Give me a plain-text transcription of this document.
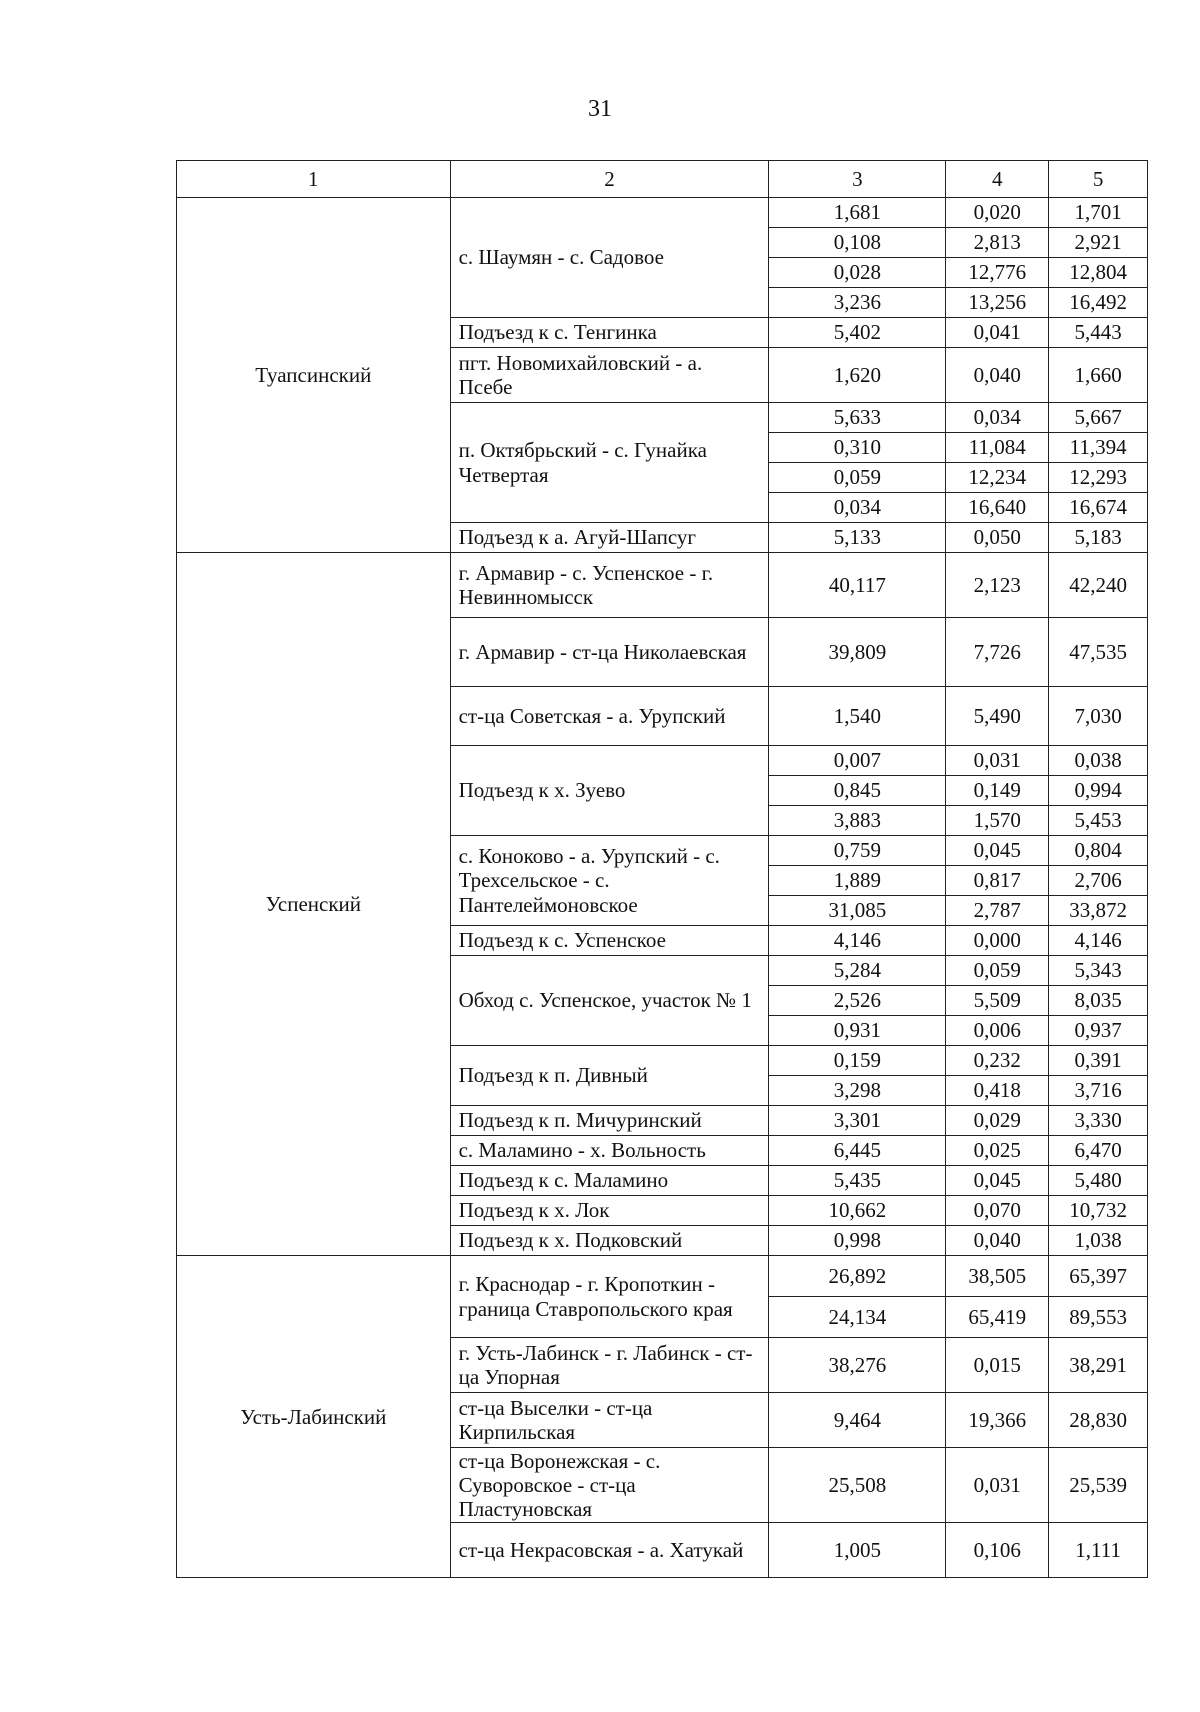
31
1	2	3	4	5
Туапсинский	с. Шаумян - с. Садовое	1,681	0,020	1,701
		0,108	2,813	2,921
		0,028	12,776	12,804
		3,236	13,256	16,492
	Подъезд к с. Тенгинка	5,402	0,041	5,443
	пгт. Новомихайловский - а. Псебе	1,620	0,040	1,660
	п. Октябрьский - с. Гунайка Четвертая	5,633	0,034	5,667
		0,310	11,084	11,394
		0,059	12,234	12,293
		0,034	16,640	16,674
	Подъезд к а. Агуй-Шапсуг	5,133	0,050	5,183
Успенский	г. Армавир - с. Успенское - г. Невинномысск	40,117	2,123	42,240
	г. Армавир - ст-ца Николаевская	39,809	7,726	47,535
	ст-ца Советская - а. Урупский	1,540	5,490	7,030
	Подъезд к х. Зуево	0,007	0,031	0,038
		0,845	0,149	0,994
		3,883	1,570	5,453
	с. Коноково - а. Урупский - с. Трехсельское - с. Пантелеймоновское	0,759	0,045	0,804
		1,889	0,817	2,706
		31,085	2,787	33,872
	Подъезд к с. Успенское	4,146	0,000	4,146
	Обход с. Успенское, участок № 1	5,284	0,059	5,343
		2,526	5,509	8,035
		0,931	0,006	0,937
	Подъезд к п. Дивный	0,159	0,232	0,391
		3,298	0,418	3,716
	Подъезд к п. Мичуринский	3,301	0,029	3,330
	с. Маламино - х. Вольность	6,445	0,025	6,470
	Подъезд к с. Маламино	5,435	0,045	5,480
	Подъезд к х. Лок	10,662	0,070	10,732
	Подъезд к х. Подковский	0,998	0,040	1,038
Усть-Лабинский	г. Краснодар - г. Кропоткин - граница Ставропольского края	26,892	38,505	65,397
		24,134	65,419	89,553
	г. Усть-Лабинск - г. Лабинск - ст-ца Упорная	38,276	0,015	38,291
	ст-ца Выселки - ст-ца Кирпильская	9,464	19,366	28,830
	ст-ца Воронежская - с. Суворовское - ст-ца Пластуновская	25,508	0,031	25,539
	ст-ца Некрасовская - а. Хатукай	1,005	0,106	1,111
